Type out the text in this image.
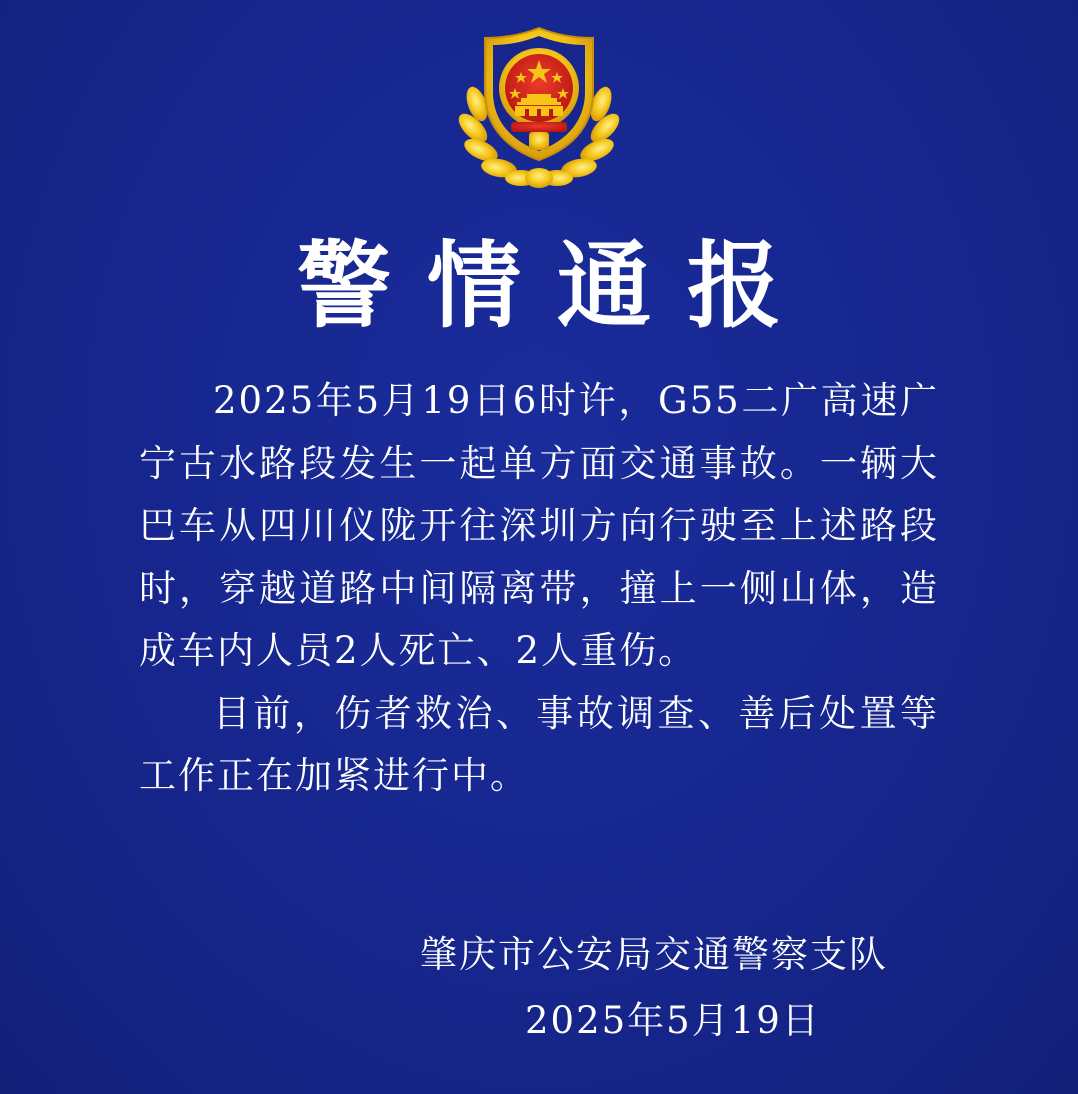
警情通报

2025年5月19日6时许，G55二广高速广宁古水路段发生一起单方面交通事故。一辆大巴车从四川仪陇开往深圳方向行驶至上述路段时，穿越道路中间隔离带，撞上一侧山体，造成车内人员2人死亡、2人重伤。

目前，伤者救治、事故调查、善后处置等工作正在加紧进行中。

肇庆市公安局交通警察支队
2025年5月19日
